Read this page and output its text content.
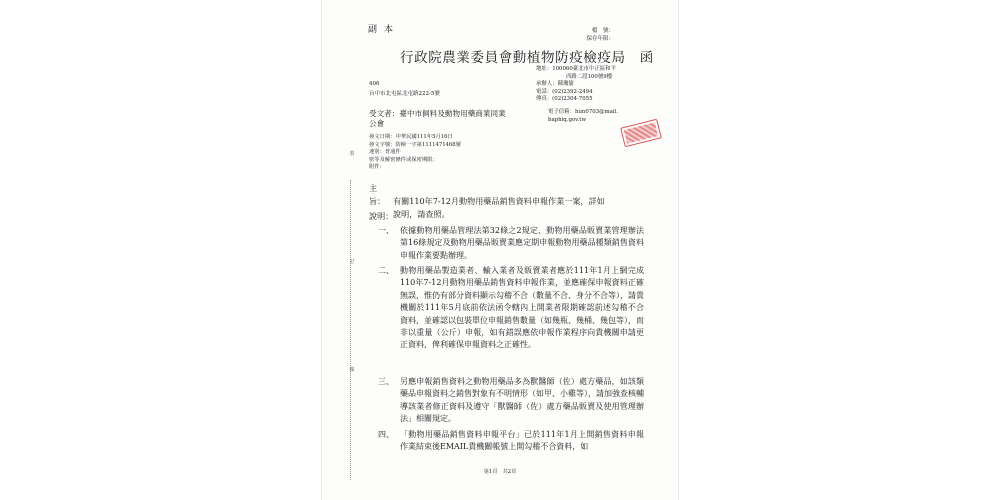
副本	檔　號：
保存年限：
行政院農業委員會動植物防疫檢疫局　函
地址：100060臺北市中正區和平
西路二段100號9樓
承辦人：陳瓊偷
電話：(02)2392-2494
傳真：(02)2304-7055
406
台中市北屯區北屯路222-5號
受文者：臺中市飼料及動物用藥商業同業
公會
電子信箱：hun0703@mail.
baphiq.gov.tw
發文日期：中華民國111年5月16日
發文字號：防檢一字第1111471468號
速別：普通件
密等及解密條件或保密期限：
附件：
裝
訂
線
主旨： 有關110年7-12月動物用藥品銷售資料申報作業一案，詳如
說明，請查照。
說明：
一、 依據動物用藥品管理法第32條之2規定、動物用藥品販賣業管理辦法第16條規定及動物用藥品販賣業應定期申報動物用藥品種類銷售資料申報作業要點辦理。
二、 動物用藥品製造業者、輸入業者及販賣業者應於111年1月上網完成110年7-12月動物用藥品銷售資料申報作業，並應確保申報資料正確無誤，惟仍有部分資料顯示勾稽不合（數量不合、身分不合等），請貴機關於111年5月底前依法函令轄內上開業者限期確認前述勾稽不合資料，並確認以包裝單位申報銷售數量（如幾瓶、幾桶、幾包等），而非以重量（公斤）申報，如有錯誤應依申報作業程序向貴機關申請更正資料，俾利確保申報資料之正確性。
三、 另應申報銷售資料之動物用藥品多為獸醫師（佐）處方藥品，如該類藥品申報資料之銷售對象有不明情形（如甲、小雞等），請加強查核輔導該業者修正資料及遵守「獸醫師（佐）處方藥品販賣及使用管理辦法」相關規定。
四、 「動物用藥品銷售資料申報平台」已於111年1月上開銷售資料申報作業結束後EMAIL貴機關帳號上開勾稽不合資料，如
第1頁　共2頁
